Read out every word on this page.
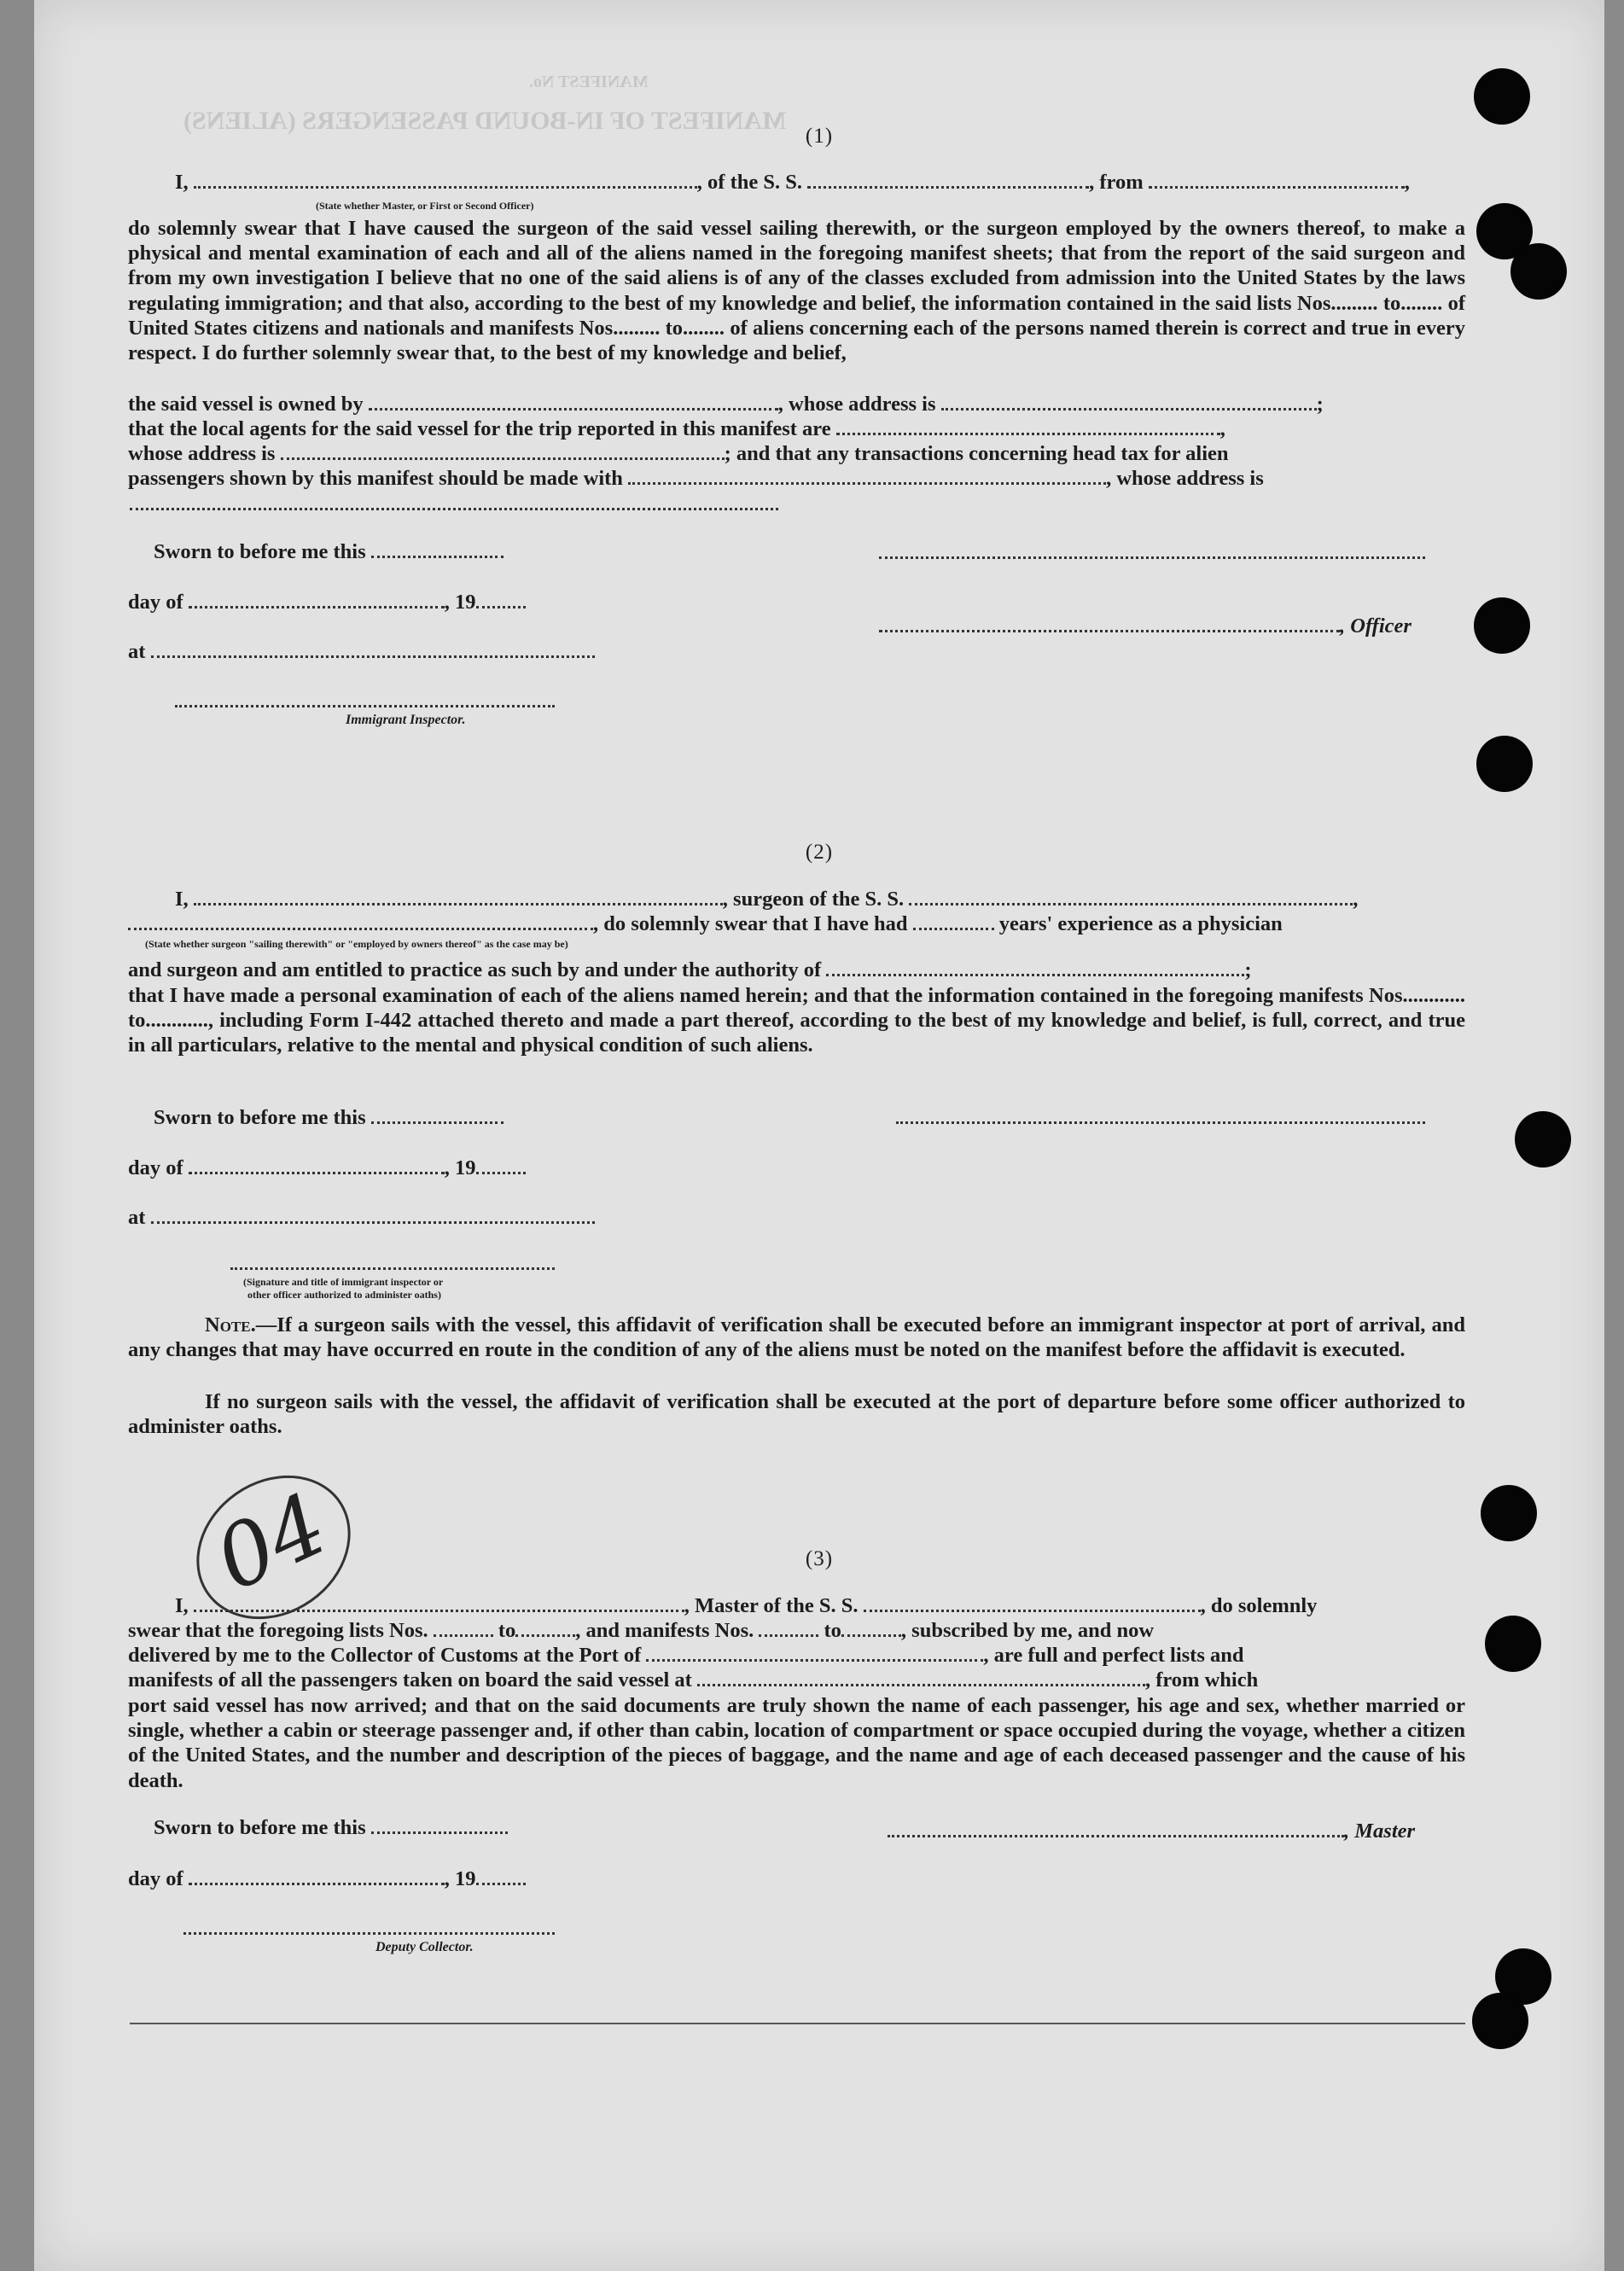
MANIFEST OF IN-BOUND PASSENGERS (ALIENS)
MANIFEST No.
(1)
I,	, of the S. S.	, from	,
(State whether Master, or First or Second Officer)
do solemnly swear that I have caused the surgeon of the said vessel sailing therewith, or the surgeon employed by the owners thereof, to make a physical and mental examination of each and all of the aliens named in the foregoing manifest sheets; that from the report of the said surgeon and from my own investigation I believe that no one of the said aliens is of any of the classes excluded from admission into the United States by the laws regulating immigration; and that also, according to the best of my knowledge and belief, the information contained in the said lists Nos......... to........ of United States citizens and nationals and manifests Nos......... to........ of aliens concerning each of the persons named therein is correct and true in every respect. I do further solemnly swear that, to the best of my knowledge and belief,
the said vessel is owned by	, whose address is	;
that the local agents for the said vessel for the trip reported in this manifest are	,
whose address is	; and that any transactions concerning head tax for alien
passengers shown by this manifest should be made with	, whose address is
Sworn to before me this
day of	, 19
, Officer
at
Immigrant Inspector.
(2)
I,	, surgeon of the S. S.	,
, do solemnly swear that I have had	years' experience as a physician
(State whether surgeon "sailing therewith" or "employed by owners thereof" as the case may be)
and surgeon and am entitled to practice as such by and under the authority of	;
that I have made a personal examination of each of the aliens named herein; and that the information contained in the foregoing manifests Nos............ to............, including Form I-442 attached thereto and made a part thereof, according to the best of my knowledge and belief, is full, correct, and true in all particulars, relative to the mental and physical condition of such aliens.
Sworn to before me this
day of	, 19
at
(Signature and title of immigrant inspector or
other officer authorized to administer oaths)
Note.—If a surgeon sails with the vessel, this affidavit of verification shall be executed before an immigrant inspector at port of arrival, and any changes that may have occurred en route in the condition of any of the aliens must be noted on the manifest before the affidavit is executed.
If no surgeon sails with the vessel, the affidavit of verification shall be executed at the port of departure before some officer authorized to administer oaths.
04	(3)
I,	, Master of the S. S.	, do solemnly
swear that the foregoing lists Nos.	to	, and manifests Nos.	to	, subscribed by me, and now
delivered by me to the Collector of Customs at the Port of	, are full and perfect lists and
manifests of all the passengers taken on board the said vessel at	, from which
port said vessel has now arrived; and that on the said documents are truly shown the name of each passenger, his age and sex, whether married or single, whether a cabin or steerage passenger and, if other than cabin, location of compartment or space occupied during the voyage, whether a citizen of the United States, and the number and description of the pieces of baggage, and the name and age of each deceased passenger and the cause of his death.
Sworn to before me this	, Master
day of	, 19
Deputy Collector.
